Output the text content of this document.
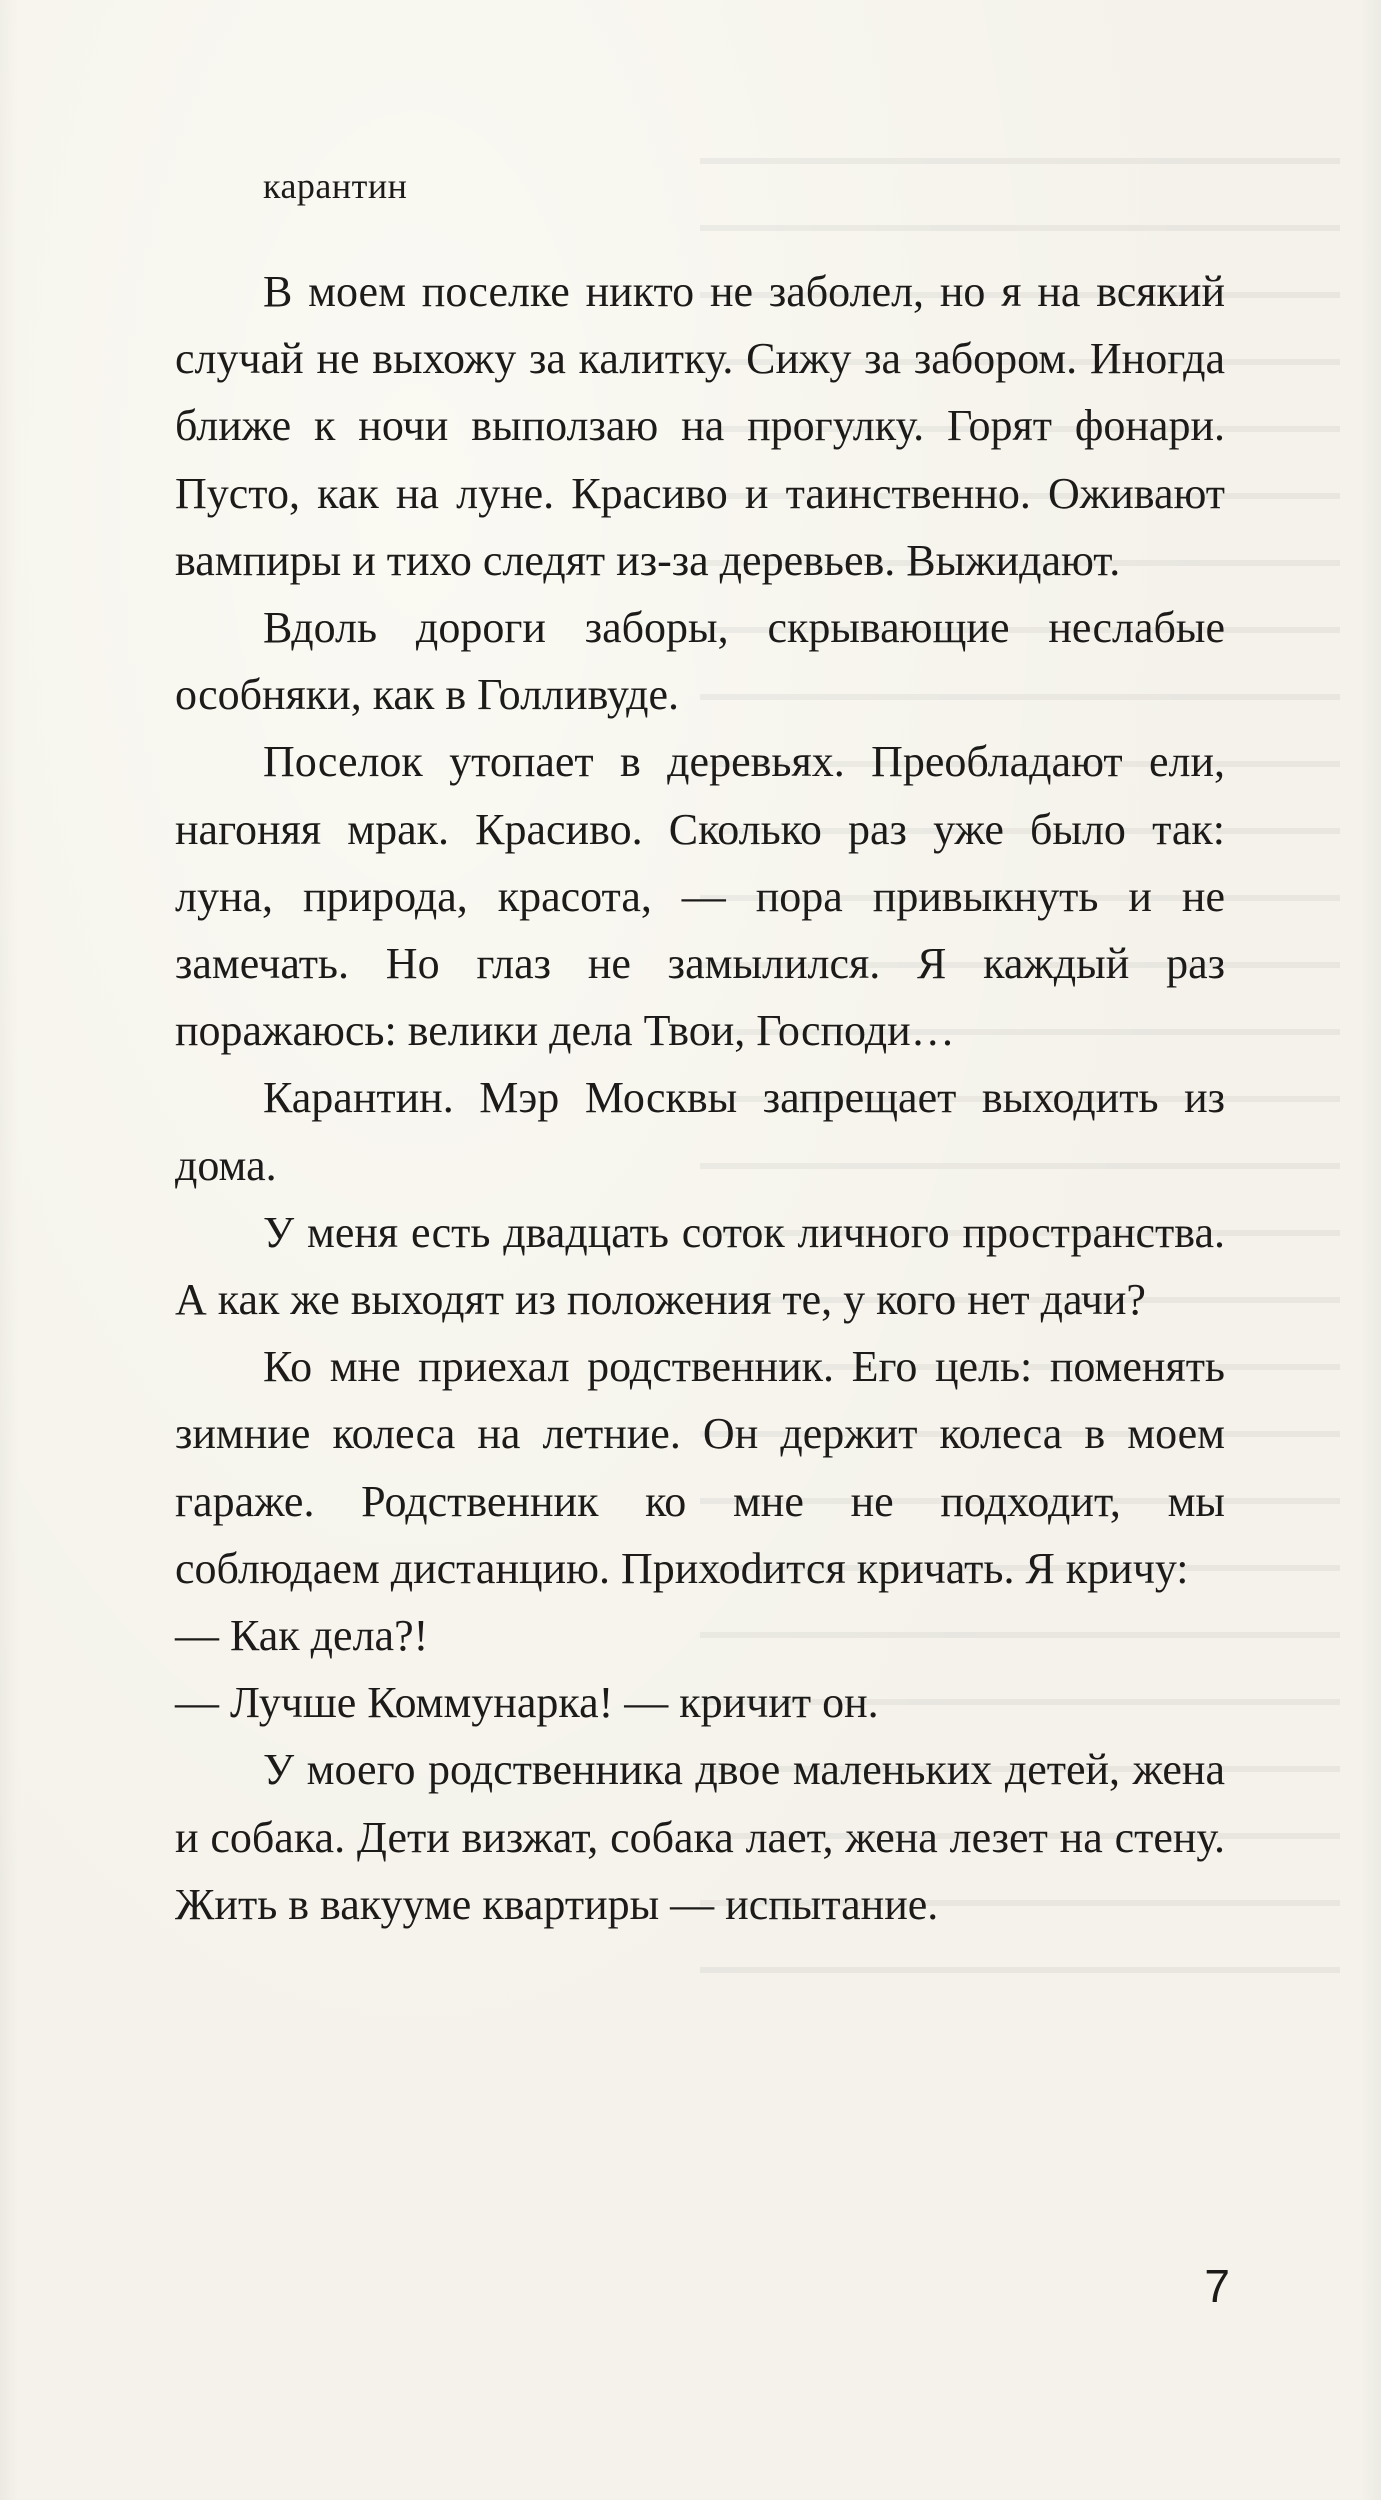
карантин

В моем поселке никто не заболел, но я на всякий случай не выхожу за калитку. Сижу за забором. Иногда ближе к ночи выползаю на прогулку. Горят фонари. Пусто, как на луне. Красиво и таинственно. Оживают вампиры и тихо следят из-за деревьев. Выжидают.

Вдоль дороги заборы, скрывающие неслабые особняки, как в Голливуде.

Поселок утопает в деревьях. Преобладают ели, нагоняя мрак. Красиво. Сколько раз уже было так: луна, природа, красота, — пора привыкнуть и не замечать. Но глаз не замылился. Я каждый раз поражаюсь: велики дела Твои, Господи…

Карантин. Мэр Москвы запрещает выходить из дома.

У меня есть двадцать соток личного пространства. А как же выходят из положения те, у кого нет дачи?

Ко мне приехал родственник. Его цель: поменять зимние колеса на летние. Он держит колеса в моем гараже. Родственник ко мне не подходит, мы соблюдаем дистанцию. Прихоdится кричать. Я кричу:

— Как дела?!

— Лучше Коммунарка! — кричит он.

У моего родственника двое маленьких детей, жена и собака. Дети визжат, собака лает, жена лезет на стену. Жить в вакууме квартиры — испытание.

7
